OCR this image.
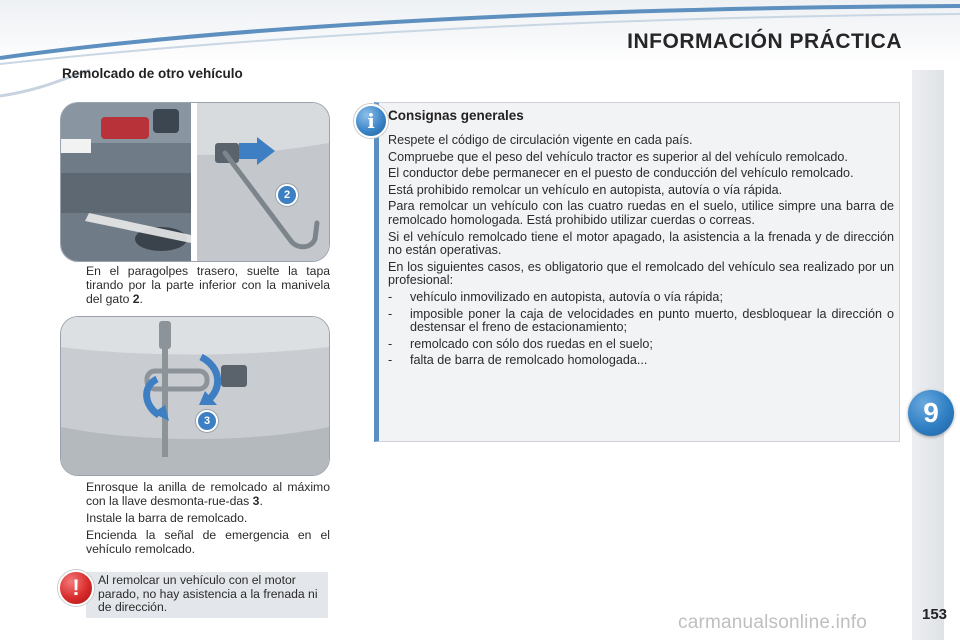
INFORMACIÓN PRÁCTICA
9
Remolcado de otro vehículo
2
En el paragolpes trasero, suelte la tapa tirando por la parte inferior con la manivela del gato 2.
3
Enrosque la anilla de remolcado al máximo con la llave desmonta-rue-das 3.
Instale la barra de remolcado.
Encienda la señal de emergencia en el vehículo remolcado.
Al remolcar un vehículo con el motor parado, no hay asistencia a la frenada ni de dirección.
!
i Consignas generales

Respete el código de circulación vigente en cada país.

Compruebe que el peso del vehículo tractor es superior al del vehículo remolcado.

El conductor debe permanecer en el puesto de conducción del vehículo remolcado.

Está prohibido remolcar un vehículo en autopista, autovía o vía rápida.

Para remolcar un vehículo con las cuatro ruedas en el suelo, utilice simpre una barra de remolcado homologada. Está prohibido utilizar cuerdas o correas.

Si el vehículo remolcado tiene el motor apagado, la asistencia a la frenada y de dirección no están operativas.

En los siguientes casos, es obligatorio que el remolcado del vehículo sea realizado por un profesional:

- vehículo inmovilizado en autopista, autovía o vía rápida;
- imposible poner la caja de velocidades en punto muerto, desbloquear la dirección o destensar el freno de estacionamiento;
- remolcado con sólo dos ruedas en el suelo;
- falta de barra de remolcado homologada...
carmanualsonline.info	153
